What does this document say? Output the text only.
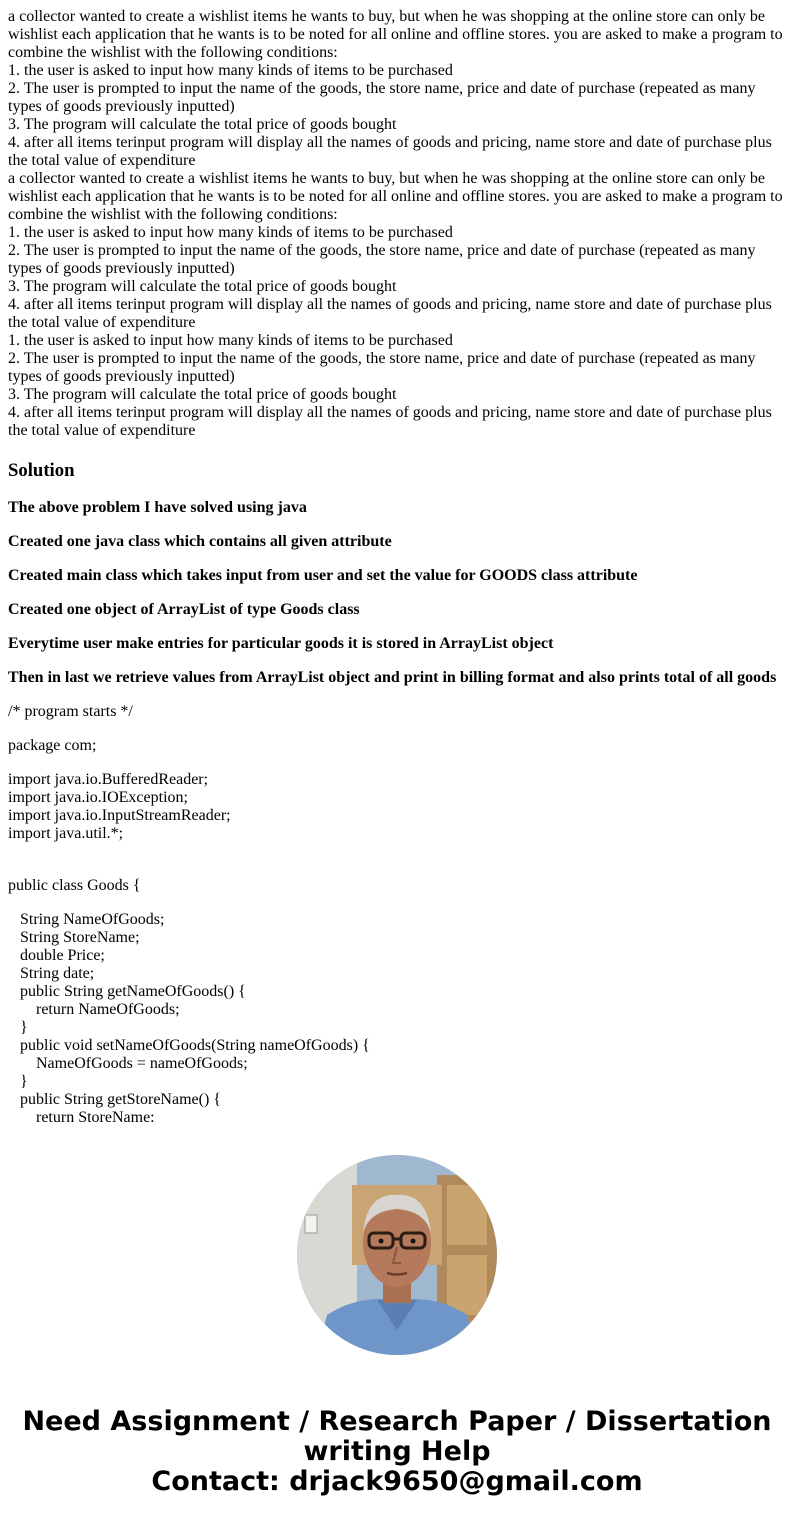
a collector wanted to create a wishlist items he wants to buy, but when he was shopping at the online store can only be wishlist each application that he wants is to be noted for all online and offline stores. you are asked to make a program to combine the wishlist with the following conditions:

1. the user is asked to input how many kinds of items to be purchased

2. The user is prompted to input the name of the goods, the store name, price and date of purchase (repeated as many types of goods previously inputted)

3. The program will calculate the total price of goods bought

4. after all items terinput program will display all the names of goods and pricing, name store and date of purchase plus the total value of expenditure

a collector wanted to create a wishlist items he wants to buy, but when he was shopping at the online store can only be wishlist each application that he wants is to be noted for all online and offline stores. you are asked to make a program to combine the wishlist with the following conditions:

1. the user is asked to input how many kinds of items to be purchased

2. The user is prompted to input the name of the goods, the store name, price and date of purchase (repeated as many types of goods previously inputted)

3. The program will calculate the total price of goods bought

4. after all items terinput program will display all the names of goods and pricing, name store and date of purchase plus the total value of expenditure

1. the user is asked to input how many kinds of items to be purchased

2. The user is prompted to input the name of the goods, the store name, price and date of purchase (repeated as many types of goods previously inputted)

3. The program will calculate the total price of goods bought

4. after all items terinput program will display all the names of goods and pricing, name store and date of purchase plus the total value of expenditure

Solution

The above problem I have solved using java

Created one java class which contains all given attribute

Created main class which takes input from user and set the value for GOODS class attribute

Created one object of ArrayList of type Goods class

Everytime user make entries for particular goods it is stored in ArrayList object

Then in last we retrieve values from ArrayList object and print in billing format and also prints total of all goods

/* program starts */

package com;

import java.io.BufferedReader;
import java.io.IOException;
import java.io.InputStreamReader;
import java.util.*;

public class Goods {

String NameOfGoods;
String StoreName;
double Price;
String date;
public String getNameOfGoods() {
return NameOfGoods;
}
public void setNameOfGoods(String nameOfGoods) {
NameOfGoods = nameOfGoods;
}
public String getStoreName() {
return StoreName:
Need Assignment / Research Paper / Dissertation
writing Help
Contact: drjack9650@gmail.com
